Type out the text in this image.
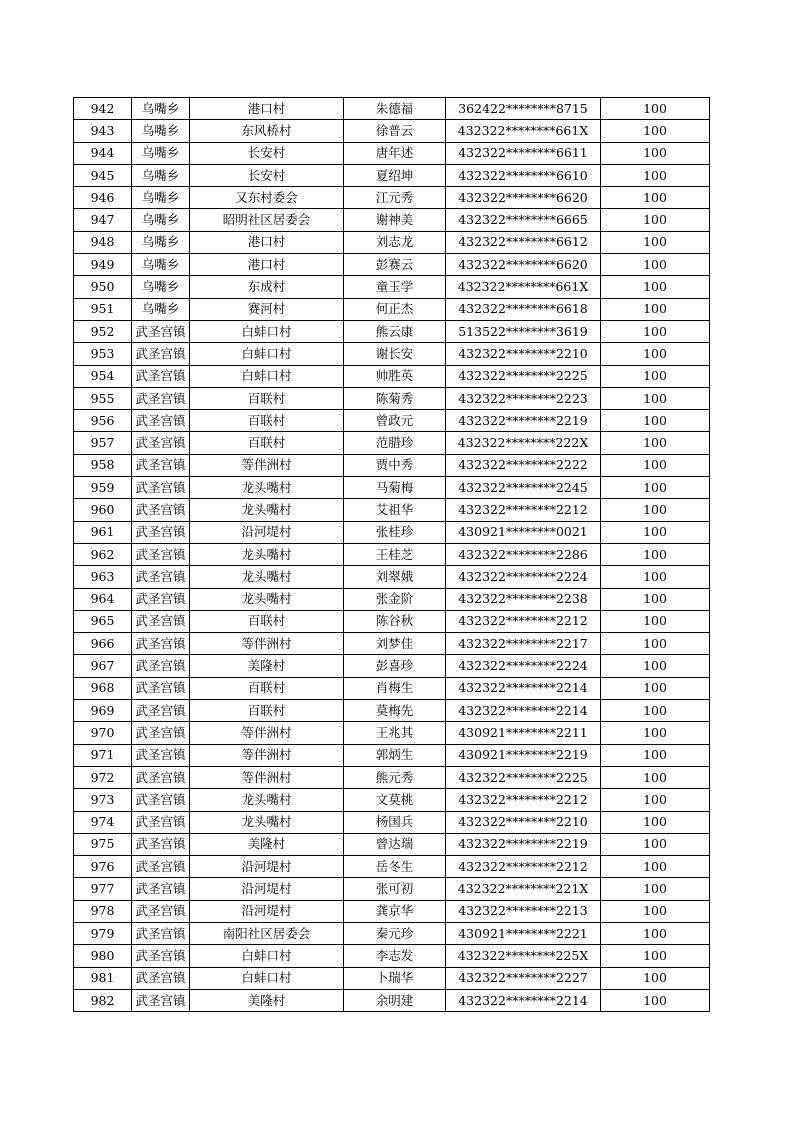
942	乌嘴乡	港口村	朱德福	362422********8715	100
943	乌嘴乡	东风桥村	徐普云	432322********661X	100
944	乌嘴乡	长安村	唐年述	432322********6611	100
945	乌嘴乡	长安村	夏绍坤	432322********6610	100
946	乌嘴乡	又东村委会	江元秀	432322********6620	100
947	乌嘴乡	昭明社区居委会	谢神美	432322********6665	100
948	乌嘴乡	港口村	刘志龙	432322********6612	100
949	乌嘴乡	港口村	彭赛云	432322********6620	100
950	乌嘴乡	东成村	童玉学	432322********661X	100
951	乌嘴乡	赛河村	何正杰	432322********6618	100
952	武圣宫镇	白蚌口村	熊云康	513522********3619	100
953	武圣宫镇	白蚌口村	谢长安	432322********2210	100
954	武圣宫镇	白蚌口村	帅胜英	432322********2225	100
955	武圣宫镇	百联村	陈菊秀	432322********2223	100
956	武圣宫镇	百联村	曾政元	432322********2219	100
957	武圣宫镇	百联村	范腊珍	432322********222X	100
958	武圣宫镇	等伴洲村	贾中秀	432322********2222	100
959	武圣宫镇	龙头嘴村	马菊梅	432322********2245	100
960	武圣宫镇	龙头嘴村	艾祖华	432322********2212	100
961	武圣宫镇	沿河堤村	张桂珍	430921********0021	100
962	武圣宫镇	龙头嘴村	王桂芝	432322********2286	100
963	武圣宫镇	龙头嘴村	刘翠娥	432322********2224	100
964	武圣宫镇	龙头嘴村	张金阶	432322********2238	100
965	武圣宫镇	百联村	陈谷秋	432322********2212	100
966	武圣宫镇	等伴洲村	刘梦佳	432322********2217	100
967	武圣宫镇	美隆村	彭喜珍	432322********2224	100
968	武圣宫镇	百联村	肖梅生	432322********2214	100
969	武圣宫镇	百联村	莫梅先	432322********2214	100
970	武圣宫镇	等伴洲村	王兆其	430921********2211	100
971	武圣宫镇	等伴洲村	郭炳生	430921********2219	100
972	武圣宫镇	等伴洲村	熊元秀	432322********2225	100
973	武圣宫镇	龙头嘴村	文莫桃	432322********2212	100
974	武圣宫镇	龙头嘴村	杨国兵	432322********2210	100
975	武圣宫镇	美隆村	曾达瑞	432322********2219	100
976	武圣宫镇	沿河堤村	岳冬生	432322********2212	100
977	武圣宫镇	沿河堤村	张可初	432322********221X	100
978	武圣宫镇	沿河堤村	龚京华	432322********2213	100
979	武圣宫镇	南阳社区居委会	秦元珍	430921********2221	100
980	武圣宫镇	白蚌口村	李志发	432322********225X	100
981	武圣宫镇	白蚌口村	卜瑞华	432322********2227	100
982	武圣宫镇	美隆村	余明建	432322********2214	100
